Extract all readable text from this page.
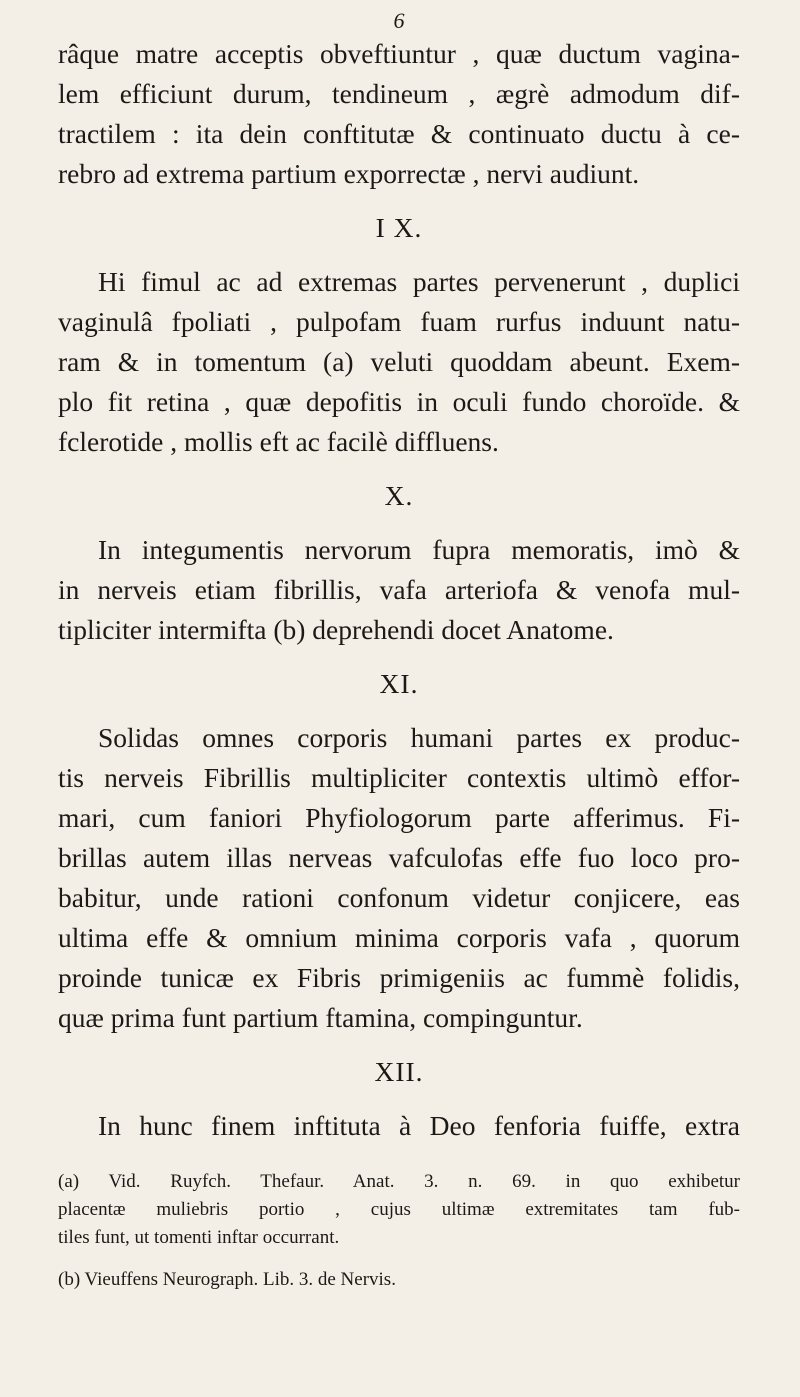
6
râque matre acceptis obveftiuntur , quæ ductum vagina-
lem efficiunt durum, tendineum , ægrè admodum dif-
tractilem : ita dein conftitutæ & continuato ductu à ce-
rebro ad extrema partium exporrectæ , nervi audiunt.
I X.
Hi fimul ac ad extremas partes pervenerunt , duplici
vaginulâ fpoliati , pulpofam fuam rurfus induunt natu-
ram & in tomentum (a) veluti quoddam abeunt. Exem-
plo fit retina , quæ depofitis in oculi fundo choroïde. &
fclerotide , mollis eft ac facilè diffluens.
X.
In integumentis nervorum fupra memoratis, imò &
in nerveis etiam fibrillis, vafa arteriofa & venofa mul-
tipliciter intermifta (b) deprehendi docet Anatome.
XI.
Solidas omnes corporis humani partes ex produc-
tis nerveis Fibrillis multipliciter contextis ultimò effor-
mari, cum faniori Phyfiologorum parte afferimus. Fi-
brillas autem illas nerveas vafculofas effe fuo loco pro-
babitur, unde rationi confonum videtur conjicere, eas
ultima effe & omnium minima corporis vafa , quorum
proinde tunicæ ex Fibris primigeniis ac fummè folidis,
quæ prima funt partium ftamina, compinguntur.
XII.
In hunc finem inftituta à Deo fenforia fuiffe, extra
(a) Vid. Ruyfch. Thefaur. Anat. 3. n. 69. in quo exhibetur
placentæ muliebris portio , cujus ultimæ extremitates tam fub-
tiles funt, ut tomenti inftar occurrant.
(b) Vieuffens Neurograph. Lib. 3. de Nervis.
